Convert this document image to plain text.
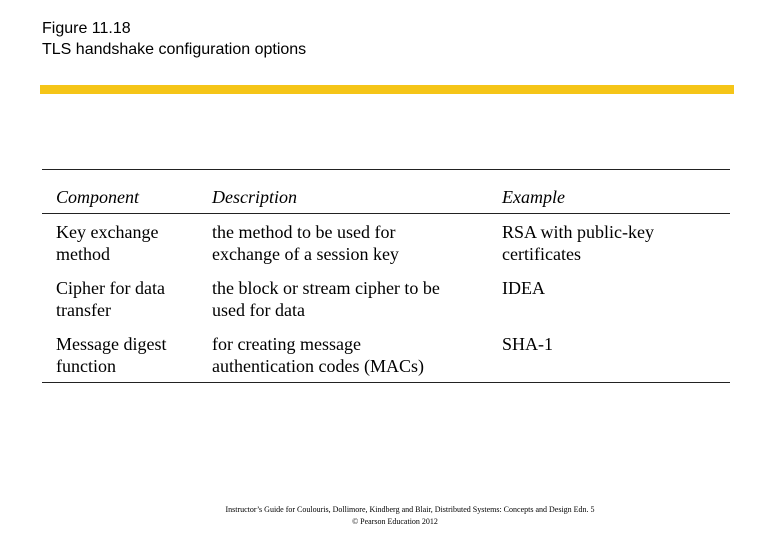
Figure 11.18
TLS handshake configuration options
Component	Description	Example
Key exchange
method
the method to be used for
exchange of a session key
RSA with public-key
certificates
Cipher for data
transfer
the block or stream cipher to be
used for data
IDEA
Message digest
function
for creating message
authentication codes (MACs)
SHA-1
Instructor’s Guide for Coulouris, Dollimore, Kindberg and Blair, Distributed Systems: Concepts and Design Edn. 5
© Pearson Education 2012
